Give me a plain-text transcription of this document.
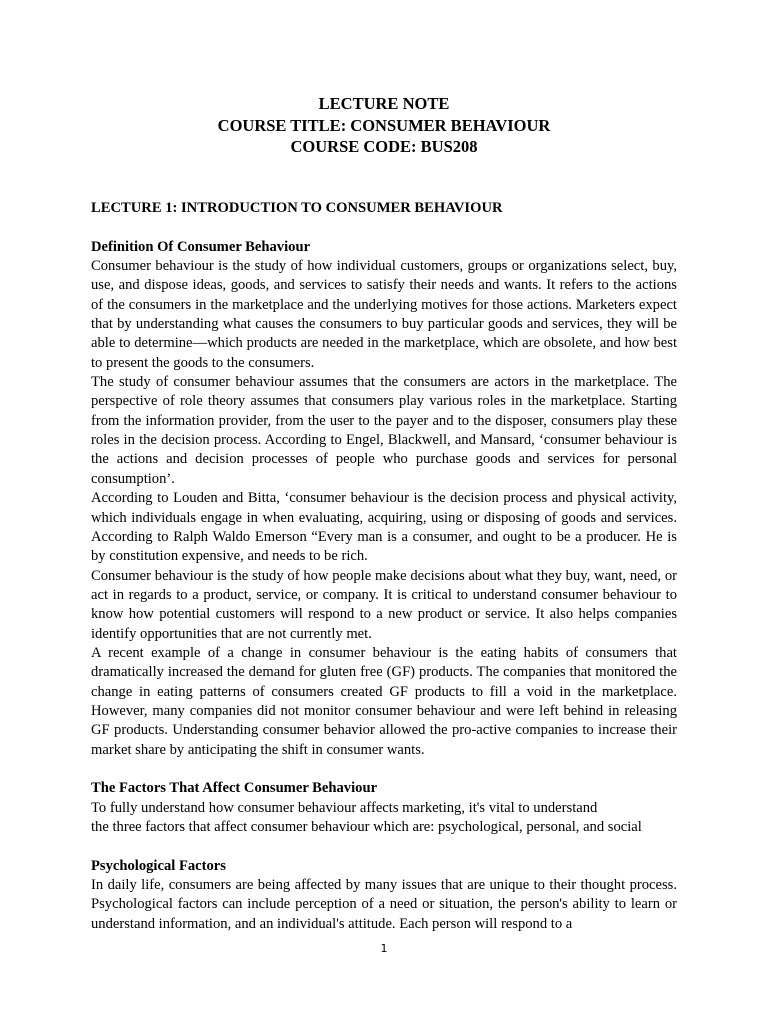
LECTURE NOTE
COURSE TITLE: CONSUMER BEHAVIOUR
COURSE CODE: BUS208

LECTURE 1: INTRODUCTION TO CONSUMER BEHAVIOUR

Definition Of Consumer Behaviour

Consumer behaviour is the study of how individual customers, groups or organizations select, buy, use, and dispose ideas, goods, and services to satisfy their needs and wants. It refers to the actions of the consumers in the marketplace and the underlying motives for those actions. Marketers expect that by understanding what causes the consumers to buy particular goods and services, they will be able to determine—which products are needed in the marketplace, which are obsolete, and how best to present the goods to the consumers.

The study of consumer behaviour assumes that the consumers are actors in the marketplace. The perspective of role theory assumes that consumers play various roles in the marketplace. Starting from the information provider, from the user to the payer and to the disposer, consumers play these roles in the decision process. According to Engel, Blackwell, and Mansard, ‘consumer behaviour is the actions and decision processes of people who purchase goods and services for personal consumption’.

According to Louden and Bitta, ‘consumer behaviour is the decision process and physical activity, which individuals engage in when evaluating, acquiring, using or disposing of goods and services. According to Ralph Waldo Emerson “Every man is a consumer, and ought to be a producer. He is by constitution expensive, and needs to be rich.

Consumer behaviour is the study of how people make decisions about what they buy, want, need, or act in regards to a product, service, or company. It is critical to understand consumer behaviour to know how potential customers will respond to a new product or service. It also helps companies identify opportunities that are not currently met.

A recent example of a change in consumer behaviour is the eating habits of consumers that dramatically increased the demand for gluten free (GF) products. The companies that monitored the change in eating patterns of consumers created GF products to fill a void in the marketplace. However, many companies did not monitor consumer behaviour and were left behind in releasing GF products. Understanding consumer behavior allowed the pro-active companies to increase their market share by anticipating the shift in consumer wants.

The Factors That Affect Consumer Behaviour

To fully understand how consumer behaviour affects marketing, it's vital to understand
the three factors that affect consumer behaviour which are: psychological, personal, and social

Psychological Factors

In daily life, consumers are being affected by many issues that are unique to their thought process. Psychological factors can include perception of a need or situation, the person's ability to learn or understand information, and an individual's attitude. Each person will respond to a

1
